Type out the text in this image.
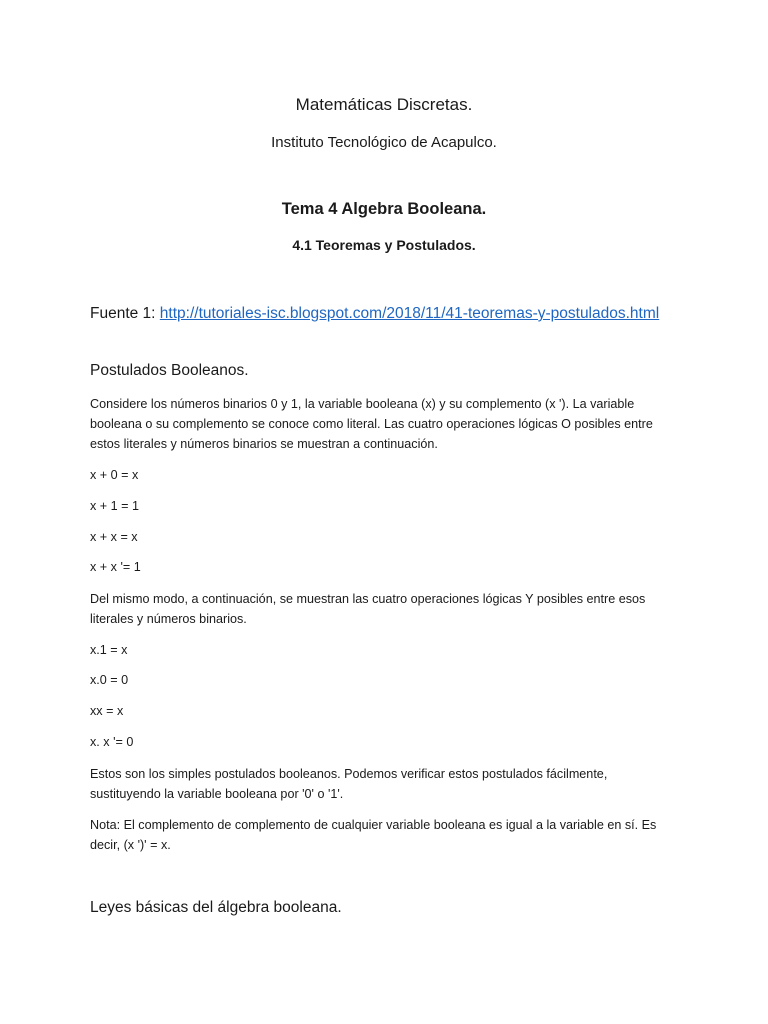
Matemáticas Discretas.
Instituto Tecnológico de Acapulco.
Tema 4 Algebra Booleana.
4.1 Teoremas y Postulados.
Fuente 1: http://tutoriales-isc.blogspot.com/2018/11/41-teoremas-y-postulados.html
Postulados Booleanos.
Considere los números binarios 0 y 1, la variable booleana (x) y su complemento (x '). La variable booleana o su complemento se conoce como literal. Las cuatro operaciones lógicas O posibles entre estos literales y números binarios se muestran a continuación.
x + 0 = x
x + 1 = 1
x + x = x
x + x '= 1
Del mismo modo, a continuación, se muestran las cuatro operaciones lógicas Y posibles entre esos literales y números binarios.
x.1 = x
x.0 = 0
xx = x
x. x '= 0
Estos son los simples postulados booleanos. Podemos verificar estos postulados fácilmente, sustituyendo la variable booleana por '0' o '1'.
Nota: El complemento de complemento de cualquier variable booleana es igual a la variable en sí. Es decir, (x ')' = x.
Leyes básicas del álgebra booleana.
